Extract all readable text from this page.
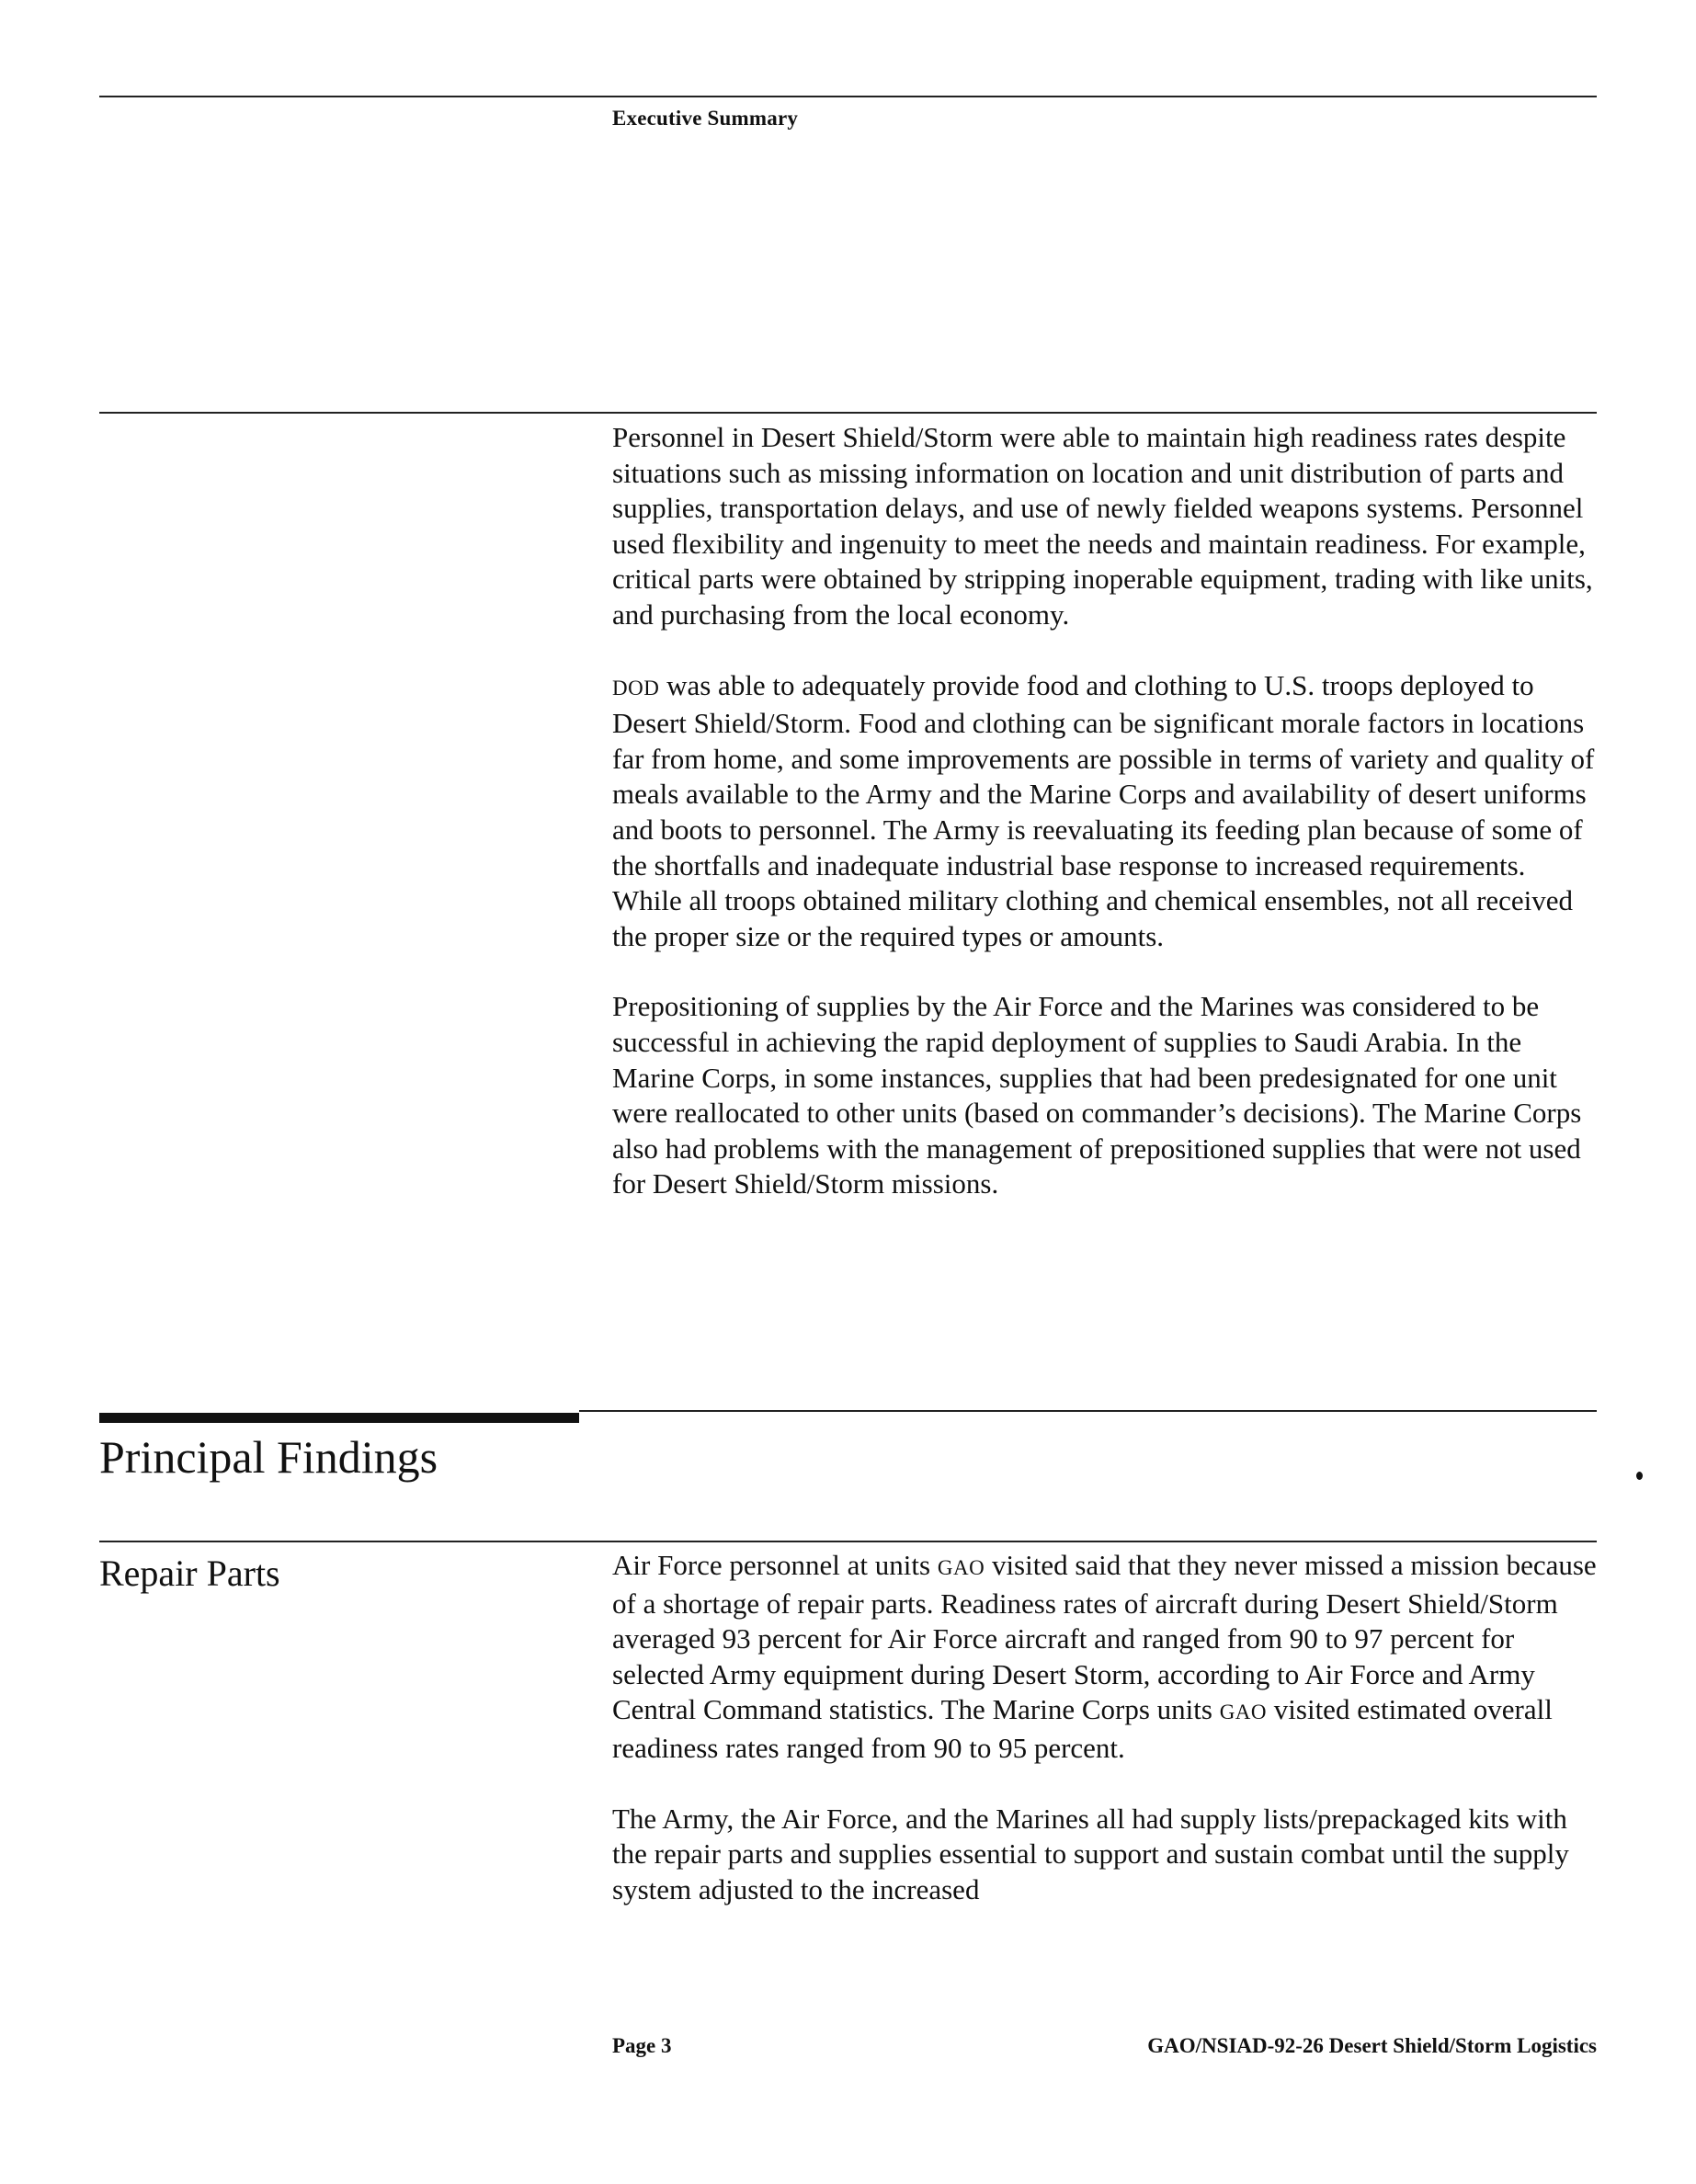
Executive Summary

Personnel in Desert Shield/Storm were able to maintain high readiness rates despite situations such as missing information on location and unit distribution of parts and supplies, transportation delays, and use of newly fielded weapons systems. Personnel used flexibility and ingenuity to meet the needs and maintain readiness. For example, critical parts were obtained by stripping inoperable equipment, trading with like units, and purchasing from the local economy.

DOD was able to adequately provide food and clothing to U.S. troops deployed to Desert Shield/Storm. Food and clothing can be significant morale factors in locations far from home, and some improvements are possible in terms of variety and quality of meals available to the Army and the Marine Corps and availability of desert uniforms and boots to personnel. The Army is reevaluating its feeding plan because of some of the shortfalls and inadequate industrial base response to increased requirements. While all troops obtained military clothing and chemical ensembles, not all received the proper size or the required types or amounts.

Prepositioning of supplies by the Air Force and the Marines was considered to be successful in achieving the rapid deployment of supplies to Saudi Arabia. In the Marine Corps, in some instances, supplies that had been predesignated for one unit were reallocated to other units (based on commander’s decisions). The Marine Corps also had problems with the management of prepositioned supplies that were not used for Desert Shield/Storm missions.

Principal Findings
Repair Parts	Air Force personnel at units GAO visited said that they never missed a mission because of a shortage of repair parts. Readiness rates of aircraft during Desert Shield/Storm averaged 93 percent for Air Force aircraft and ranged from 90 to 97 percent for selected Army equipment during Desert Storm, according to Air Force and Army Central Command statistics. The Marine Corps units GAO visited estimated overall readiness rates ranged from 90 to 95 percent.

The Army, the Air Force, and the Marines all had supply lists/prepackaged kits with the repair parts and supplies essential to support and sustain combat until the supply system adjusted to the increased

Page 3	GAO/NSIAD-92-26 Desert Shield/Storm Logistics
